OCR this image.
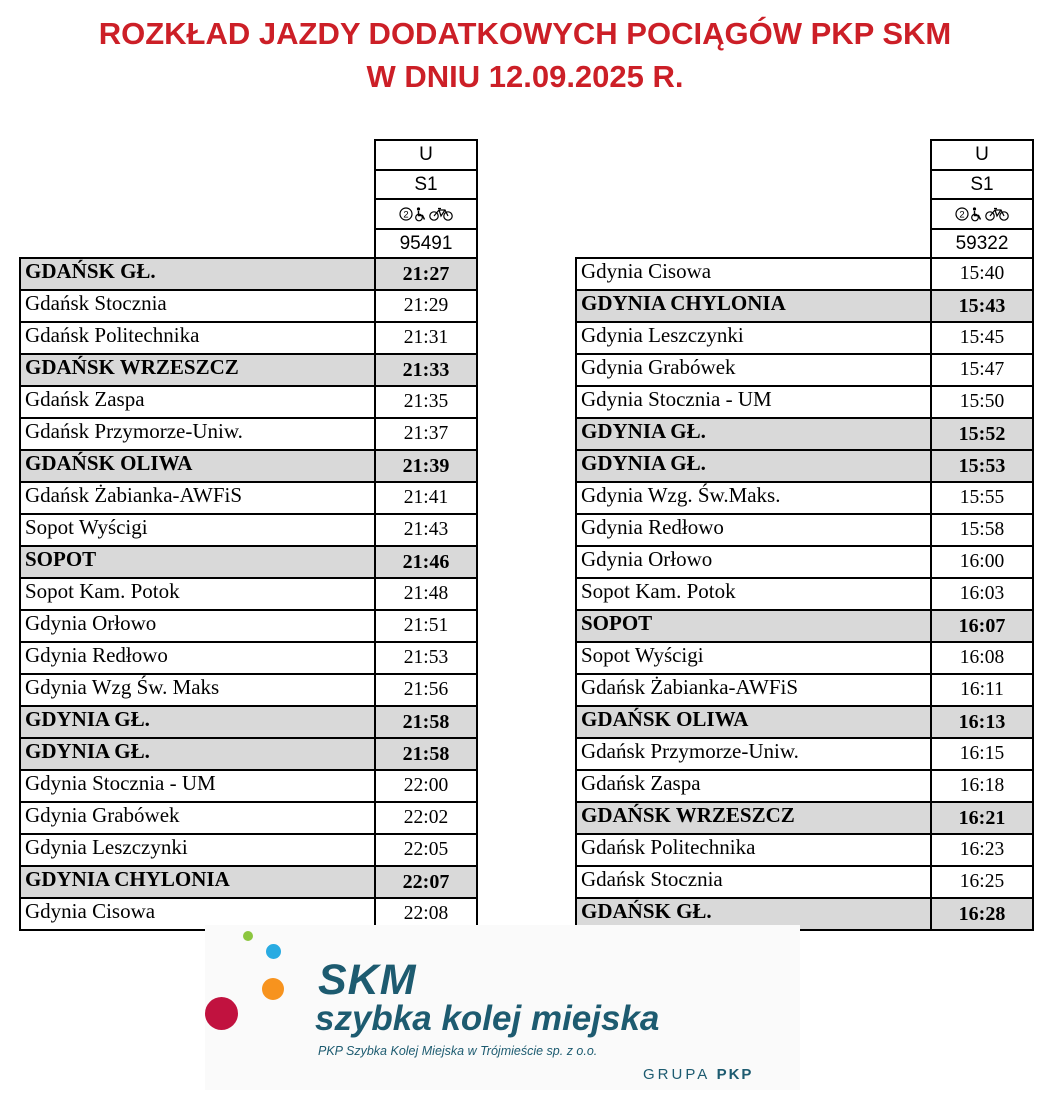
ROZKŁAD JAZDY DODATKOWYCH POCIĄGÓW PKP SKM
W DNIU 12.09.2025 R.
	U
	S1

2

	95491
GDAŃSK GŁ.	21:27
Gdańsk Stocznia	21:29
Gdańsk Politechnika	21:31
GDAŃSK WRZESZCZ	21:33
Gdańsk Zaspa	21:35
Gdańsk Przymorze-Uniw.	21:37
GDAŃSK OLIWA	21:39
Gdańsk Żabianka-AWFiS	21:41
Sopot Wyścigi	21:43
SOPOT	21:46
Sopot Kam. Potok	21:48
Gdynia Orłowo	21:51
Gdynia Redłowo	21:53
Gdynia Wzg Św. Maks	21:56
GDYNIA GŁ.	21:58
GDYNIA GŁ.	21:58
Gdynia Stocznia - UM	22:00
Gdynia Grabówek	22:02
Gdynia Leszczynki	22:05
GDYNIA CHYLONIA	22:07
Gdynia Cisowa	22:08
	U
	S1

2

	59322
Gdynia Cisowa	15:40
GDYNIA CHYLONIA	15:43
Gdynia Leszczynki	15:45
Gdynia Grabówek	15:47
Gdynia Stocznia - UM	15:50
GDYNIA GŁ.	15:52
GDYNIA GŁ.	15:53
Gdynia Wzg. Św.Maks.	15:55
Gdynia Redłowo	15:58
Gdynia Orłowo	16:00
Sopot Kam. Potok	16:03
SOPOT	16:07
Sopot Wyścigi	16:08
Gdańsk Żabianka-AWFiS	16:11
GDAŃSK OLIWA	16:13
Gdańsk Przymorze-Uniw.	16:15
Gdańsk Zaspa	16:18
GDAŃSK WRZESZCZ	16:21
Gdańsk Politechnika	16:23
Gdańsk Stocznia	16:25
GDAŃSK GŁ.	16:28
SKM
szybka kolej miejska
PKP Szybka Kolej Miejska w Trójmieście sp. z o.o.
GRUPA PKP
